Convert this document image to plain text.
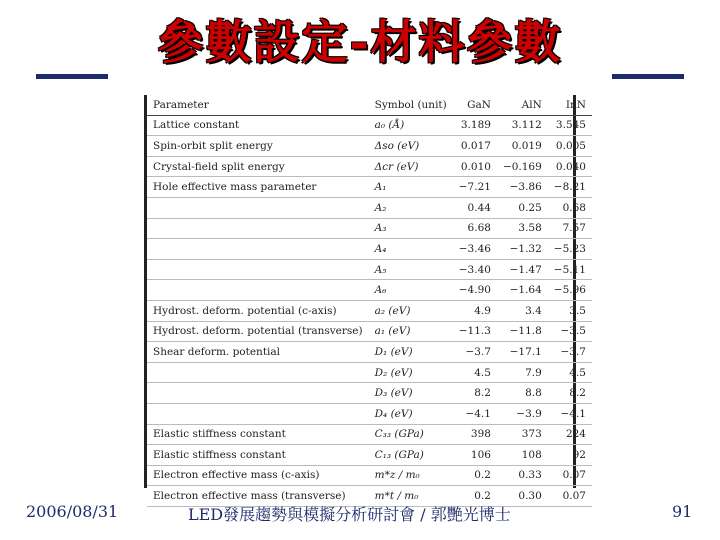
參數設定-材料參數
Parameter	Symbol (unit)	GaN	AlN	InN
Lattice constant	a₀ (Å)	3.189	3.112	3.545
Spin-orbit split energy	Δso (eV)	0.017	0.019	0.005
Crystal-field split energy	Δcr (eV)	0.010	−0.169	0.040
Hole effective mass parameter	A₁	−7.21	−3.86	−8.21
	A₂	0.44	0.25	0.68
	A₃	6.68	3.58	7.57
	A₄	−3.46	−1.32	−5.23
	A₅	−3.40	−1.47	−5.11
	A₆	−4.90	−1.64	−5.96
Hydrost. deform. potential (c-axis)	a₂ (eV)	4.9	3.4	3.5
Hydrost. deform. potential (transverse)	a₁ (eV)	−11.3	−11.8	−3.5
Shear deform. potential	D₁ (eV)	−3.7	−17.1	−3.7
	D₂ (eV)	4.5	7.9	4.5
	D₃ (eV)	8.2	8.8	8.2
	D₄ (eV)	−4.1	−3.9	−4.1
Elastic stiffness constant	C₃₃ (GPa)	398	373	224
Elastic stiffness constant	C₁₃ (GPa)	106	108	92
Electron effective mass (c-axis)	m*z / m₀	0.2	0.33	0.07
Electron effective mass (transverse)	m*t / m₀	0.2	0.30	0.07
2006/08/31	LED發展趨勢與模擬分析研討會 / 郭艷光博士	91
